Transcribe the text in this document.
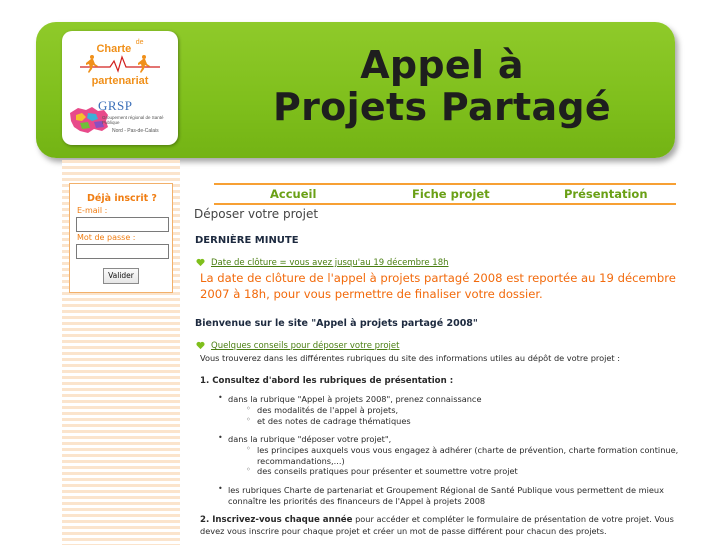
Charte $^{de}$
partenariat
GRSP
Groupement régional de Santé Publique
Nord - Pas-de-Calais
Appel à
Projets Partagé
Déjà inscrit ?
E-mail :
Mot de passe :
Valider
Accueil	Fiche projet	Présentation
Déposer votre projet
DERNIÈRE MINUTE
Date de clôture = vous avez jusqu'au 19 décembre 18h
La date de clôture de l'appel à projets partagé 2008 est reportée au 19 décembre 2007 à 18h, pour vous permettre de finaliser votre dossier.
Bienvenue sur le site "Appel à projets partagé 2008"
Quelques conseils pour déposer votre projet
Vous trouverez dans les différentes rubriques du site des informations utiles au dépôt de votre projet :
1. Consultez d'abord les rubriques de présentation :
• dans la rubrique "Appel à projets 2008", prenez connaissance
◦ des modalités de l'appel à projets,
◦ et des notes de cadrage thématiques
• dans la rubrique "déposer votre projet",
◦ les principes auxquels vous vous engagez à adhérer (charte de prévention, charte formation continue, recommandations,...)
◦ des conseils pratiques pour présenter et soumettre votre projet
• les rubriques Charte de partenariat et Groupement Régional de Santé Publique vous permettent de mieux connaître les priorités des financeurs de l'Appel à projets 2008
2. Inscrivez-vous chaque année pour accéder et compléter le formulaire de présentation de votre projet. Vous devez vous inscrire pour chaque projet et créer un mot de passe différent pour chacun des projets.
